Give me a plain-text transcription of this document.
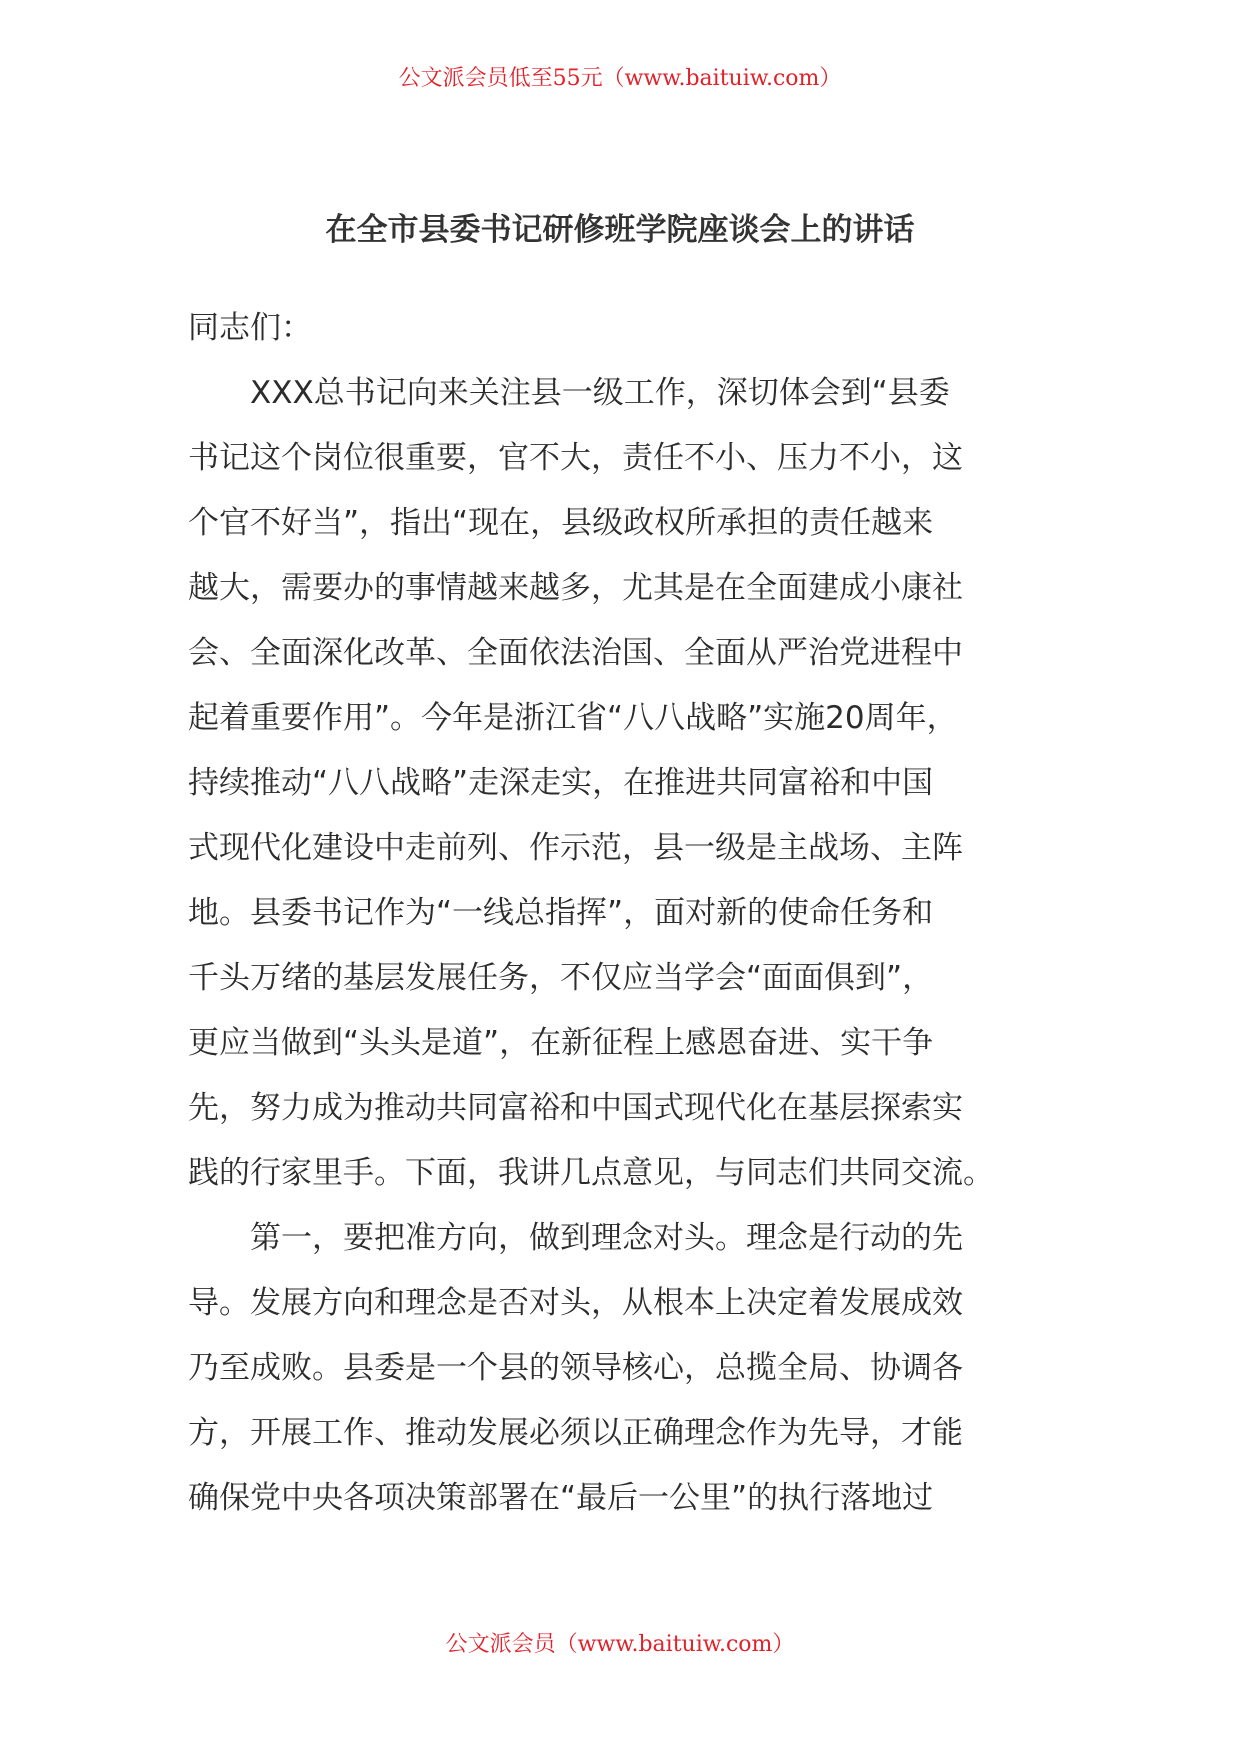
公文派会员低至55元（www.baituiw.com）
在全市县委书记研修班学院座谈会上的讲话
同志们：
　　XXX总书记向来关注县一级工作，深切体会到“县委
书记这个岗位很重要，官不大，责任不小、压力不小，这
个官不好当”，指出“现在，县级政权所承担的责任越来
越大，需要办的事情越来越多，尤其是在全面建成小康社
会、全面深化改革、全面依法治国、全面从严治党进程中
起着重要作用”。今年是浙江省“八八战略”实施20周年，
持续推动“八八战略”走深走实，在推进共同富裕和中国
式现代化建设中走前列、作示范，县一级是主战场、主阵
地。县委书记作为“一线总指挥”，面对新的使命任务和
千头万绪的基层发展任务，不仅应当学会“面面俱到”，
更应当做到“头头是道”，在新征程上感恩奋进、实干争
先，努力成为推动共同富裕和中国式现代化在基层探索实
践的行家里手。下面，我讲几点意见，与同志们共同交流。
　　第一，要把准方向，做到理念对头。理念是行动的先
导。发展方向和理念是否对头，从根本上决定着发展成效
乃至成败。县委是一个县的领导核心，总揽全局、协调各
方，开展工作、推动发展必须以正确理念作为先导，才能
确保党中央各项决策部署在“最后一公里”的执行落地过
公文派会员（www.baituiw.com）
